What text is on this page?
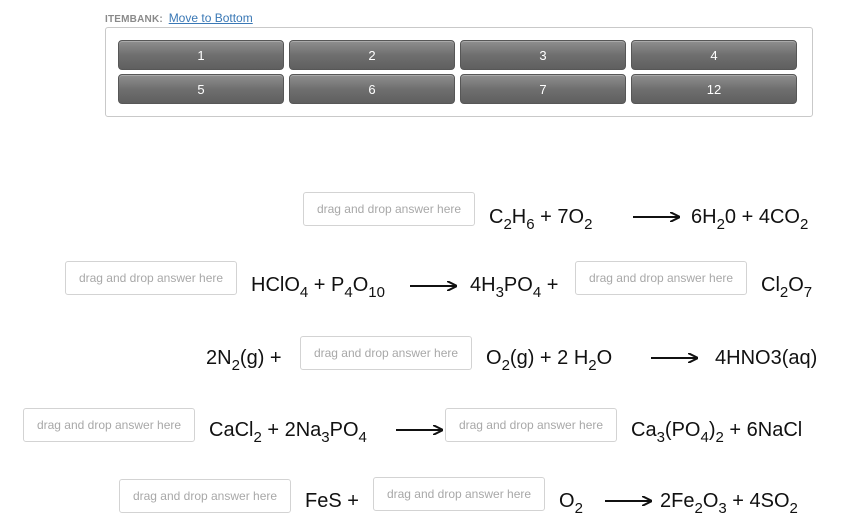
ITEMBANK: Move to Bottom
1	2	3	4
5	6	7	12
drag and drop answer here	$C_2H_6 + 7O_2$	→ $6H_20 + 4CO_2$
drag and drop answer here	HClO$_4$ + $P_4O_{10} \to 4H_3PO_4$ +	drag and drop answer here	$Cl_2O_7$
$2N_2(g)$ +	drag and drop answer here	$O_2(g) + 2$ $H_2O \to 4HNO3(aq)$
drag and drop answer here	CaCl$_2$ + $2Na_3PO_4$ →	drag and drop answer here	$Ca_3(PO_4)_2$ + 6NaCl
drag and drop answer here	FeS +	drag and drop answer here	$O_2 \to 2Fe_2O_3 + 4SO_2$
